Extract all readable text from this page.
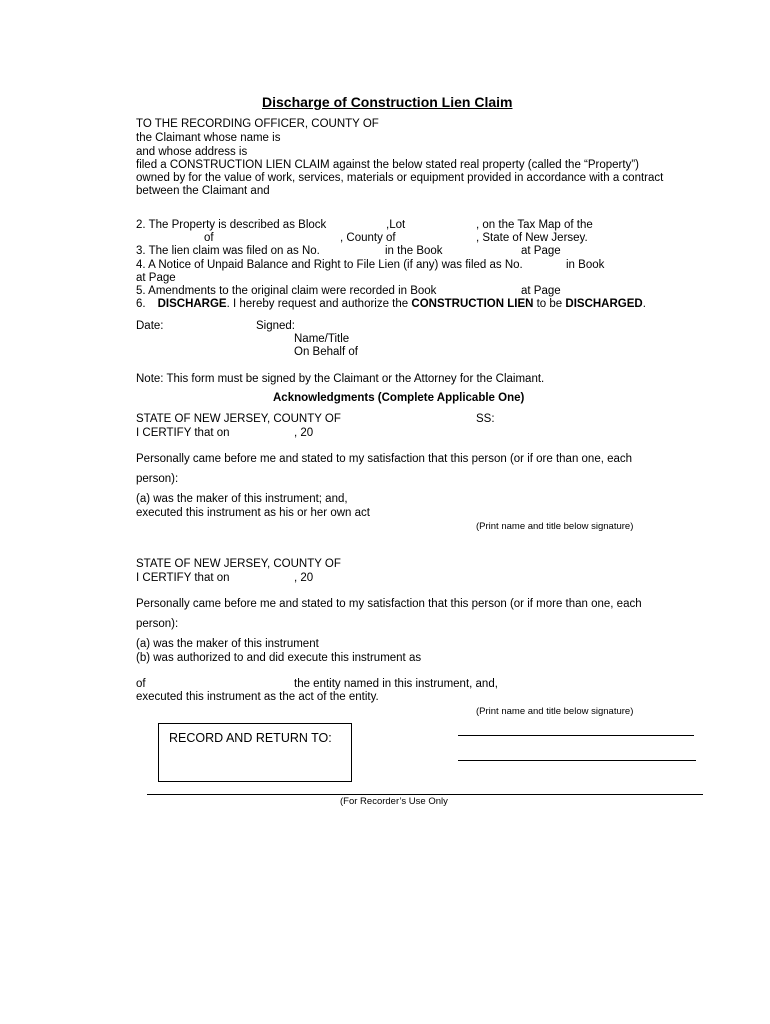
Discharge of Construction Lien Claim
TO THE RECORDING OFFICER, COUNTY OF
the Claimant whose name is
and whose address is
filed a CONSTRUCTION LIEN CLAIM against the below stated real property (called the “Property”)
owned by for the value of work, services, materials or equipment provided in accordance with a contract
between the Claimant and
2. The Property is described as Block	,Lot	, on the Tax Map of the
of	, County of	, State of New Jersey.
3. The lien claim was filed on as No.	in the Book	at Page
4. A Notice of Unpaid Balance and Right to File Lien (if any) was filed as No.	in Book
at Page
5. Amendments to the original claim were recorded in Book	at Page
6. DISCHARGE. I hereby request and authorize the CONSTRUCTION LIEN to be DISCHARGED.
Date:	Signed:
Name/Title
On Behalf of
Note: This form must be signed by the Claimant or the Attorney for the Claimant.
Acknowledgments (Complete Applicable One)
STATE OF NEW JERSEY, COUNTY OF	SS:
I CERTIFY that on	, 20
Personally came before me and stated to my satisfaction that this person (or if ore than one, each
person):
(a) was the maker of this instrument; and,
executed this instrument as his or her own act
(Print name and title below signature)
STATE OF NEW JERSEY, COUNTY OF
I CERTIFY that on	, 20
Personally came before me and stated to my satisfaction that this person (or if more than one, each
person):
(a) was the maker of this instrument
(b) was authorized to and did execute this instrument as
of	the entity named in this instrument, and,
executed this instrument as the act of the entity.
(Print name and title below signature)
RECORD AND RETURN TO:
(For Recorder’s Use Only
